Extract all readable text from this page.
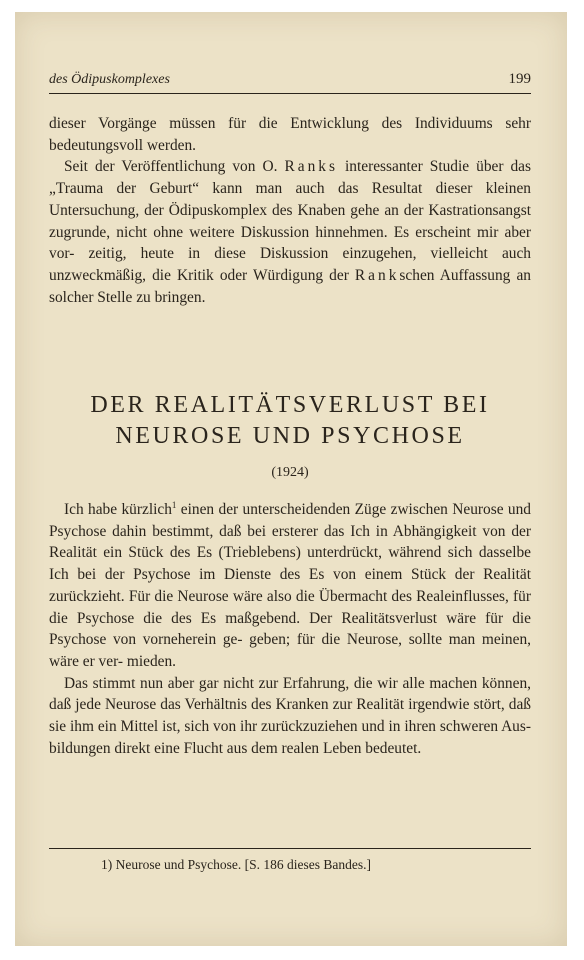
des Ödipuskomplexes	199

dieser Vorgänge müssen für die Entwicklung des Individuums sehr bedeutungsvoll werden.

Seit der Veröffentlichung von O. Ranks interessanter Studie über das „Trauma der Geburt“ kann man auch das Resultat dieser kleinen Untersuchung, der Ödipuskomplex des Knaben gehe an der Kastrationsangst zugrunde, nicht ohne weitere Diskussion hinnehmen. Es erscheint mir aber vor- zeitig, heute in diese Diskussion einzugehen, vielleicht auch unzweckmäßig, die Kritik oder Würdigung der Rankschen Auffassung an solcher Stelle zu bringen.

DER REALITÄTSVERLUST BEI
NEUROSE UND PSYCHOSE
(1924)

Ich habe kürzlich$^1$ einen der unterscheidenden Züge zwischen Neurose und Psychose dahin bestimmt, daß bei ersterer das Ich in Abhängigkeit von der Realität ein Stück des Es (Trieblebens) unterdrückt, während sich dasselbe Ich bei der Psychose im Dienste des Es von einem Stück der Realität zurückzieht. Für die Neurose wäre also die Übermacht des Realeinflusses, für die Psychose die des Es maßgebend. Der Realitätsverlust wäre für die Psychose von vorneherein ge- geben; für die Neurose, sollte man meinen, wäre er ver- mieden.

Das stimmt nun aber gar nicht zur Erfahrung, die wir alle machen können, daß jede Neurose das Verhältnis des Kranken zur Realität irgendwie stört, daß sie ihm ein Mittel ist, sich von ihr zurückzuziehen und in ihren schweren Aus- bildungen direkt eine Flucht aus dem realen Leben bedeutet.

1) Neurose und Psychose. [S. 186 dieses Bandes.]
